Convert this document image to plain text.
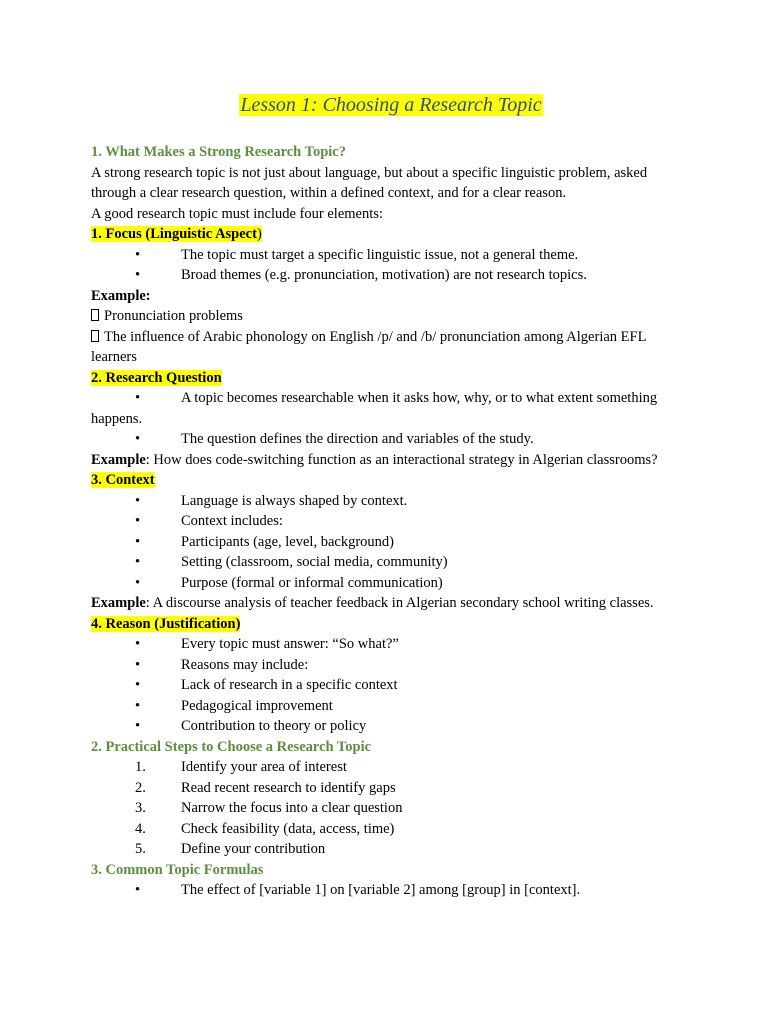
Lesson 1: Choosing a Research Topic

1. What Makes a Strong Research Topic?

A strong research topic is not just about language, but about a specific linguistic problem, asked through a clear research question, within a defined context, and for a clear reason.

A good research topic must include four elements:

1. Focus (Linguistic Aspect)

•	The topic must target a specific linguistic issue, not a general theme.
•	Broad themes (e.g. pronunciation, motivation) are not research topics.

Example:

Pronunciation problems

The influence of Arabic phonology on English /p/ and /b/ pronunciation among Algerian EFL learners

2. Research Question

•	A topic becomes researchable when it asks how, why, or to what extent something happens.
•	The question defines the direction and variables of the study.

Example: How does code-switching function as an interactional strategy in Algerian classrooms?

3. Context

•	Language is always shaped by context.
•	Context includes:
•	Participants (age, level, background)
•	Setting (classroom, social media, community)
•	Purpose (formal or informal communication)

Example: A discourse analysis of teacher feedback in Algerian secondary school writing classes.

4. Reason (Justification)

•	Every topic must answer: “So what?”
•	Reasons may include:
•	Lack of research in a specific context
•	Pedagogical improvement
•	Contribution to theory or policy

2. Practical Steps to Choose a Research Topic

1. Identify your area of interest
2. Read recent research to identify gaps
3. Narrow the focus into a clear question
4. Check feasibility (data, access, time)
5. Define your contribution

3. Common Topic Formulas

•	The effect of [variable 1] on [variable 2] among [group] in [context].
